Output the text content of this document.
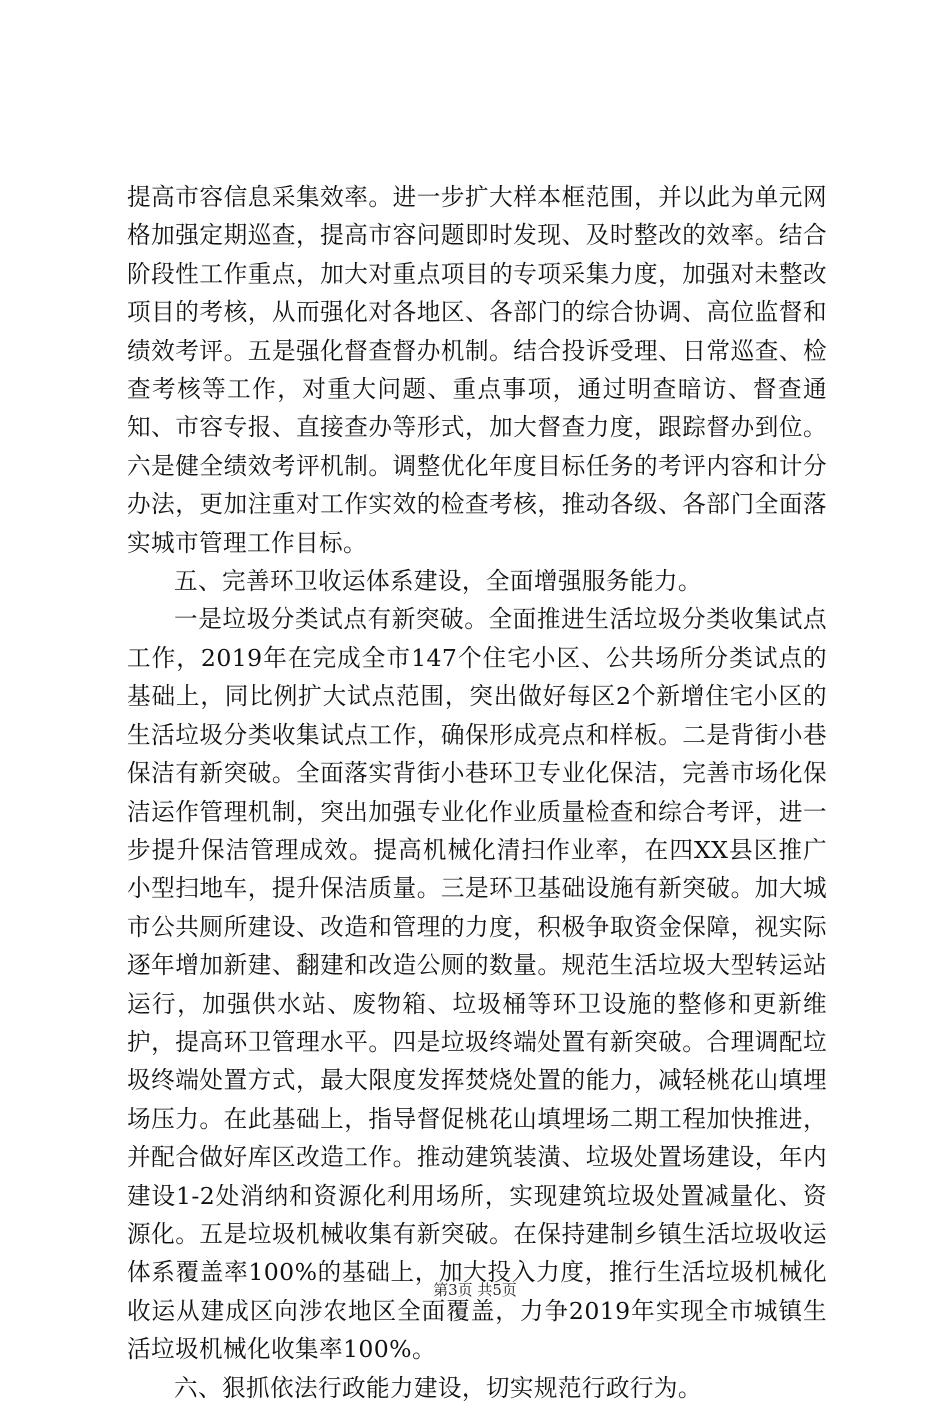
提高市容信息采集效率。进一步扩大样本框范围，并以此为单元网格加强定期巡查，提高市容问题即时发现、及时整改的效率。结合阶段性工作重点，加大对重点项目的专项采集力度，加强对未整改项目的考核，从而强化对各地区、各部门的综合协调、高位监督和绩效考评。五是强化督查督办机制。结合投诉受理、日常巡查、检查考核等工作，对重大问题、重点事项，通过明查暗访、督查通知、市容专报、直接查办等形式，加大督查力度，跟踪督办到位。六是健全绩效考评机制。调整优化年度目标任务的考评内容和计分办法，更加注重对工作实效的检查考核，推动各级、各部门全面落实城市管理工作目标。

五、完善环卫收运体系建设，全面增强服务能力。

一是垃圾分类试点有新突破。全面推进生活垃圾分类收集试点工作，2019年在完成全市147个住宅小区、公共场所分类试点的基础上，同比例扩大试点范围，突出做好每区2个新增住宅小区的生活垃圾分类收集试点工作，确保形成亮点和样板。二是背街小巷保洁有新突破。全面落实背街小巷环卫专业化保洁，完善市场化保洁运作管理机制，突出加强专业化作业质量检查和综合考评，进一步提升保洁管理成效。提高机械化清扫作业率，在四XX县区推广小型扫地车，提升保洁质量。三是环卫基础设施有新突破。加大城市公共厕所建设、改造和管理的力度，积极争取资金保障，视实际逐年增加新建、翻建和改造公厕的数量。规范生活垃圾大型转运站运行，加强供水站、废物箱、垃圾桶等环卫设施的整修和更新维护，提高环卫管理水平。四是垃圾终端处置有新突破。合理调配垃圾终端处置方式，最大限度发挥焚烧处置的能力，减轻桃花山填埋场压力。在此基础上，指导督促桃花山填埋场二期工程加快推进，并配合做好库区改造工作。推动建筑装潢、垃圾处置场建设，年内建设1-2处消纳和资源化利用场所，实现建筑垃圾处置减量化、资源化。五是垃圾机械收集有新突破。在保持建制乡镇生活垃圾收运体系覆盖率100%的基础上，加大投入力度，推行生活垃圾机械化收运从建成区向涉农地区全面覆盖，力争2019年实现全市城镇生活垃圾机械化收集率100%。

六、狠抓依法行政能力建设，切实规范行政行为。

第3页 共5页
